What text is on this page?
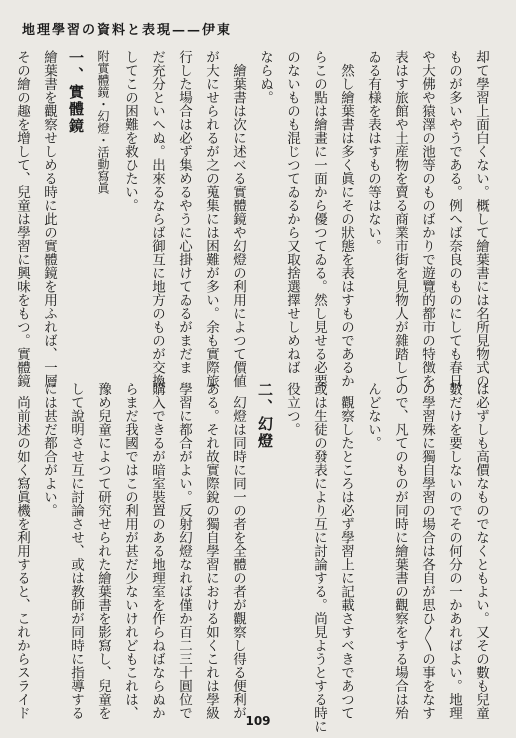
地理學習の資料と表現——伊東
却て學習上面白くない。概して繪葉書には名所見物式の
ものが多いやうである。例へば奈良のものにしても春日
や大佛や猿澤の池等のものばかりで遊覽的都市の特徴を
表はす旅館や土産物を賣る商業市街を見物人が雜踏して
ゐる有様を表はすもの等はない。
　然し繪葉書は多く眞にその狀態を表はすものであるか
らこの點は繪畫に一面から優つてゐる。然し見せる必要
のないものも混じつてゐるから又取捨選擇せしめねば
ならぬ。
　繪葉書は次に述べる實體鏡や幻燈の利用によつて價値
が大にせられるが之の蒐集には困難が多い。余も實際旅
行した場合は必ず集めるやうに心掛けてゐるがまだま
だ充分といへぬ。出來るならば御互に地方のものが交換
してこの困難を救ひたい。
附實體鏡・幻燈・活動寫眞
一、實體鏡
繪葉書を觀察せしめる時に此の實體鏡を用ふれば、一層
その繪の趣を增して、兒童は學習に興味をもつ。實體鏡
は必ずしも高價なものでなくともよい。又その數も兒童
數だけを要しないのでその何分の一かあればよい。地理
の學習殊に獨自學習の場合は各自が思ひ〳〵の事をなす
ので、凡てのものが同時に繪葉書の觀察をする場合は殆
んどない。
　觀察したところは必ず學習上に記載さすべきであつて
或は生徒の發表により互に討論する。尚見ようとする時に
役立つ。
二、幻燈
　幻燈は同時に同一の者を全體の者が觀察し得る便利が
ある。それ故實際銳の獨自學習における如くこれは學級
學習に都合がよい。反射幻燈なれば僅か百二三十圓位で
購入できるが暗室裝置のある地理室を作らねばならぬか
らまだ我國ではこの利用が甚だ少ないけれどもこれは、
豫め兒童によつて研究せられた繪葉書を影寫し、兒童を
して說明させ互に討論させ、或は教師が同時に指導する
には甚だ都合がよい。
　尚前述の如く寫眞機を利用すると、これからスライド
109
